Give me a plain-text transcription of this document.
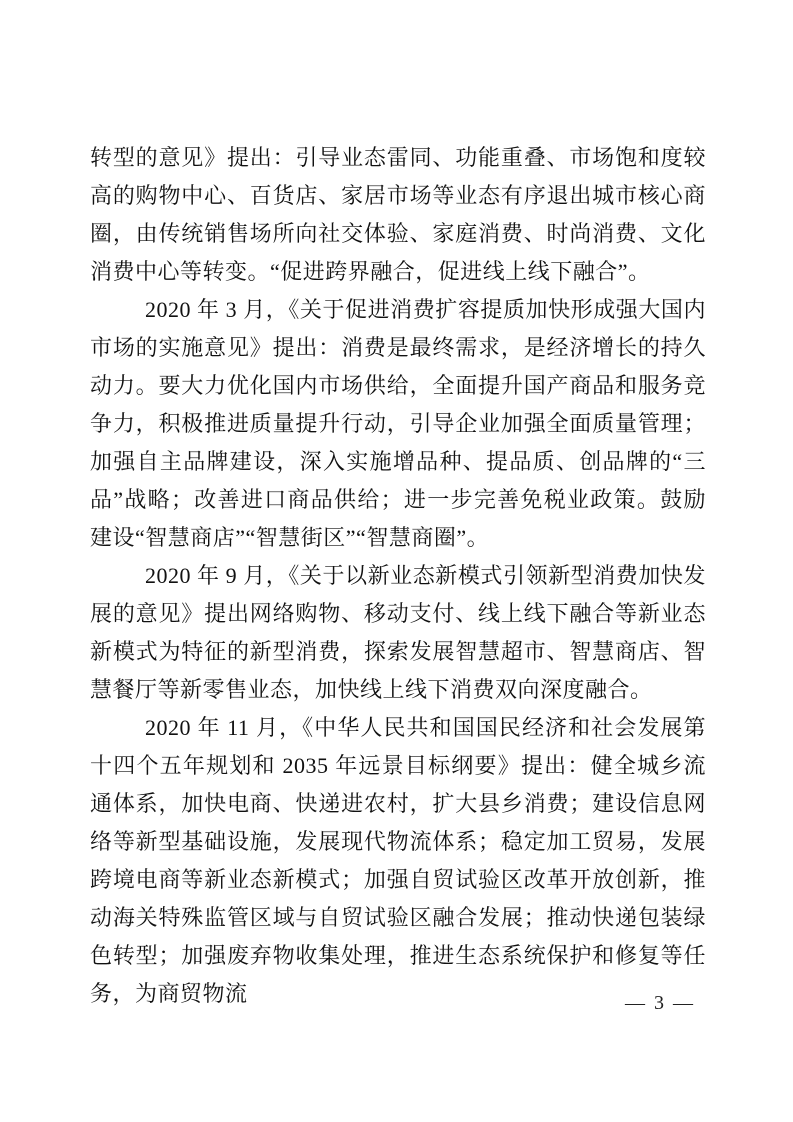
转型的意见》提出：引导业态雷同、功能重叠、市场饱和度较高的购物中心、百货店、家居市场等业态有序退出城市核心商圈，由传统销售场所向社交体验、家庭消费、时尚消费、文化消费中心等转变。“促进跨界融合，促进线上线下融合”。

2020 年 3 月，《关于促进消费扩容提质加快形成强大国内市场的实施意见》提出：消费是最终需求，是经济增长的持久动力。要大力优化国内市场供给，全面提升国产商品和服务竞争力，积极推进质量提升行动，引导企业加强全面质量管理；加强自主品牌建设，深入实施增品种、提品质、创品牌的“三品”战略；改善进口商品供给；进一步完善免税业政策。鼓励建设“智慧商店”“智慧街区”“智慧商圈”。

2020 年 9 月，《关于以新业态新模式引领新型消费加快发展的意见》提出网络购物、移动支付、线上线下融合等新业态新模式为特征的新型消费，探索发展智慧超市、智慧商店、智慧餐厅等新零售业态，加快线上线下消费双向深度融合。

2020 年 11 月，《中华人民共和国国民经济和社会发展第十四个五年规划和 2035 年远景目标纲要》提出：健全城乡流通体系，加快电商、快递进农村，扩大县乡消费；建设信息网络等新型基础设施，发展现代物流体系；稳定加工贸易，发展跨境电商等新业态新模式；加强自贸试验区改革开放创新，推动海关特殊监管区域与自贸试验区融合发展；推动快递包装绿色转型；加强废弃物收集处理，推进生态系统保护和修复等任务，为商贸物流	— 3 —
